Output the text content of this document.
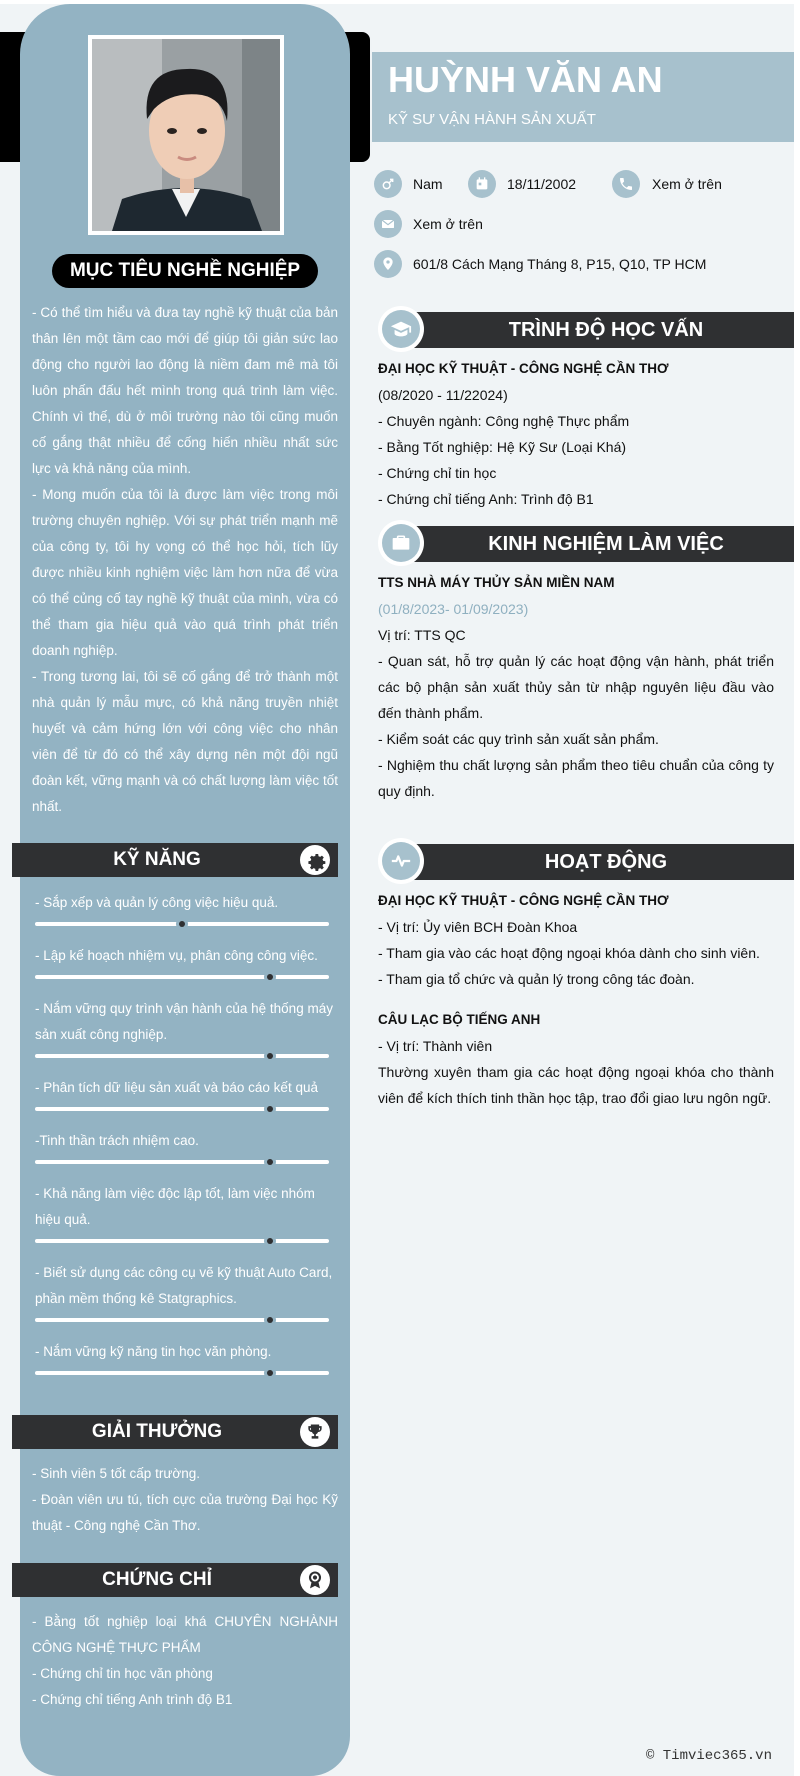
MỤC TIÊU NGHỀ NGHIỆP

- Có thể tìm hiểu và đưa tay nghề kỹ thuật của bản thân lên một tầm cao mới để giúp tôi giản sức lao động cho người lao động là niềm đam mê mà tôi luôn phấn đấu hết mình trong quá trình làm việc. Chính vì thế, dù ở môi trường nào tôi cũng muốn cố gắng thật nhiều để cống hiến nhiều nhất sức lực và khả năng của mình.

- Mong muốn của tôi là được làm việc trong môi trường chuyên nghiệp. Với sự phát triển mạnh mẽ của công ty, tôi hy vọng có thể học hỏi, tích lũy được nhiều kinh nghiệm việc làm hơn nữa để vừa có thể củng cố tay nghề kỹ thuật của mình, vừa có thể tham gia hiệu quả vào quá trình phát triển doanh nghiệp.

- Trong tương lai, tôi sẽ cố gắng để trở thành một nhà quản lý mẫu mực, có khả năng truyền nhiệt huyết và cảm hứng lớn với công việc cho nhân viên để từ đó có thể xây dựng nên một đội ngũ đoàn kết, vững mạnh và có chất lượng làm việc tốt nhất.

KỸ NĂNG
- Sắp xếp và quản lý công việc hiệu quả.
- Lập kế hoạch nhiệm vụ, phân công công việc.
- Nắm vững quy trình vận hành của hệ thống máy sản xuất công nghiệp.
- Phân tích dữ liệu sản xuất và báo cáo kết quả
-Tinh thần trách nhiệm cao.
- Khả năng làm việc độc lập tốt, làm việc nhóm hiệu quả.
- Biết sử dụng các công cụ vẽ kỹ thuật Auto Card, phần mềm thống kê Statgraphics.
- Nắm vững kỹ năng tin học văn phòng.
GIẢI THƯỞNG

- Sinh viên 5 tốt cấp trường.

- Đoàn viên ưu tú, tích cực của trường Đại học Kỹ thuật - Công nghệ Cần Thơ.

CHỨNG CHỈ

- Bằng tốt nghiệp loại khá CHUYÊN NGHÀNH CÔNG NGHỆ THỰC PHẨM

- Chứng chỉ tin học văn phòng

- Chứng chỉ tiếng Anh trình độ B1

HUỲNH VĂN AN
KỸ SƯ VẬN HÀNH SẢN XUẤT
Nam	18/11/2002	Xem ở trên
Xem ở trên
601/8 Cách Mạng Tháng 8, P15, Q10, TP HCM
TRÌNH ĐỘ HỌC VẤN

ĐẠI HỌC KỸ THUẬT - CÔNG NGHỆ CẦN THƠ

(08/2020 - 11/22024)

- Chuyên ngành: Công nghệ Thực phẩm

- Bằng Tốt nghiệp: Hệ Kỹ Sư (Loại Khá)

- Chứng chỉ tin học

- Chứng chỉ tiếng Anh: Trình độ B1

KINH NGHIỆM LÀM VIỆC

TTS NHÀ MÁY THỦY SẢN MIỀN NAM

(01/8/2023- 01/09/2023)

Vị trí: TTS QC

- Quan sát, hỗ trợ quản lý các hoạt động vận hành, phát triển các bộ phận sản xuất thủy sản từ nhập nguyên liệu đầu vào đến thành phẩm.

- Kiểm soát các quy trình sản xuất sản phẩm.

- Nghiệm thu chất lượng sản phẩm theo tiêu chuẩn của công ty quy định.

HOẠT ĐỘNG

ĐẠI HỌC KỸ THUẬT - CÔNG NGHỆ CẦN THƠ

- Vị trí: Ủy viên BCH Đoàn Khoa

- Tham gia vào các hoạt động ngoại khóa dành cho sinh viên.

- Tham gia tổ chức và quản lý trong công tác đoàn.

CÂU LẠC BỘ TIẾNG ANH

- Vị trí: Thành viên

Thường xuyên tham gia các hoạt động ngoại khóa cho thành viên để kích thích tinh thần học tập, trao đổi giao lưu ngôn ngữ.

© Timviec365.vn
